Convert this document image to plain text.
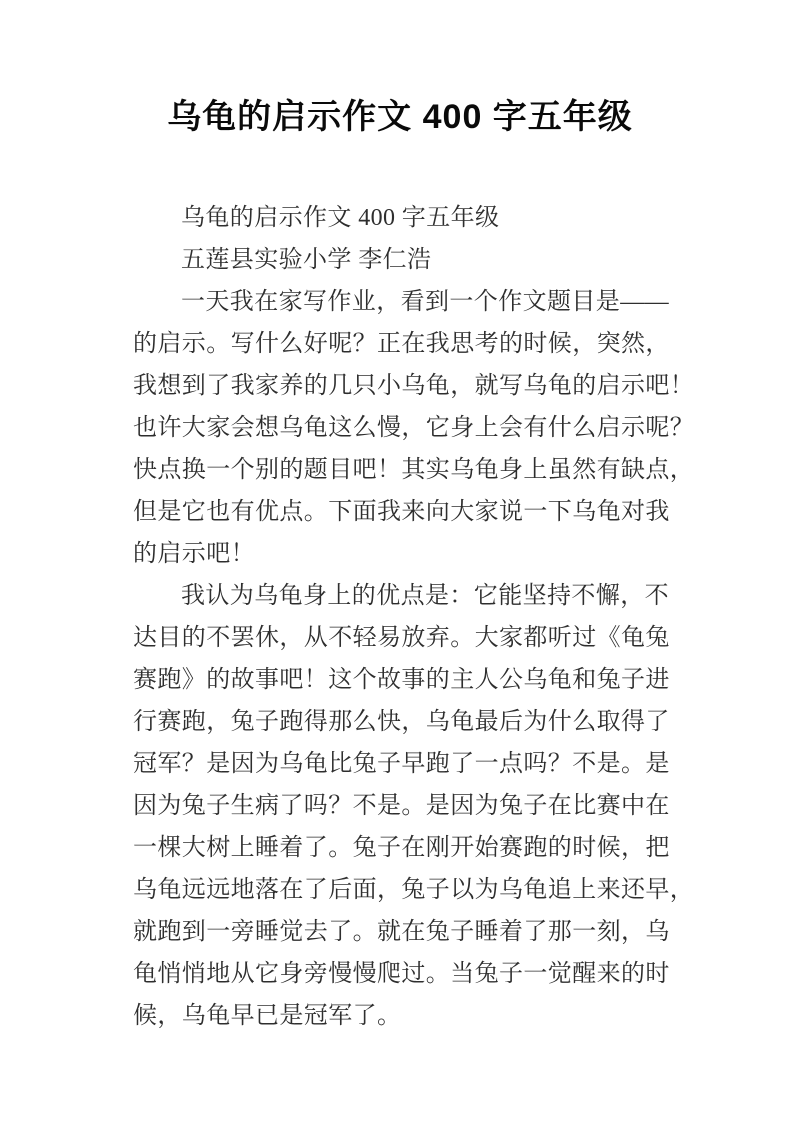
乌龟的启示作文 400 字五年级
乌龟的启示作文 400 字五年级
五莲县实验小学 李仁浩
一天我在家写作业，看到一个作文题目是——
的启示。写什么好呢？正在我思考的时候，突然，
我想到了我家养的几只小乌龟，就写乌龟的启示吧！
也许大家会想乌龟这么慢，它身上会有什么启示呢？
快点换一个别的题目吧！其实乌龟身上虽然有缺点，
但是它也有优点。下面我来向大家说一下乌龟对我
的启示吧！
我认为乌龟身上的优点是：它能坚持不懈，不
达目的不罢休，从不轻易放弃。大家都听过《龟兔
赛跑》的故事吧！这个故事的主人公乌龟和兔子进
行赛跑，兔子跑得那么快，乌龟最后为什么取得了
冠军？是因为乌龟比兔子早跑了一点吗？不是。是
因为兔子生病了吗？不是。是因为兔子在比赛中在
一棵大树上睡着了。兔子在刚开始赛跑的时候，把
乌龟远远地落在了后面，兔子以为乌龟追上来还早，
就跑到一旁睡觉去了。就在兔子睡着了那一刻，乌
龟悄悄地从它身旁慢慢爬过。当兔子一觉醒来的时
候，乌龟早已是冠军了。
